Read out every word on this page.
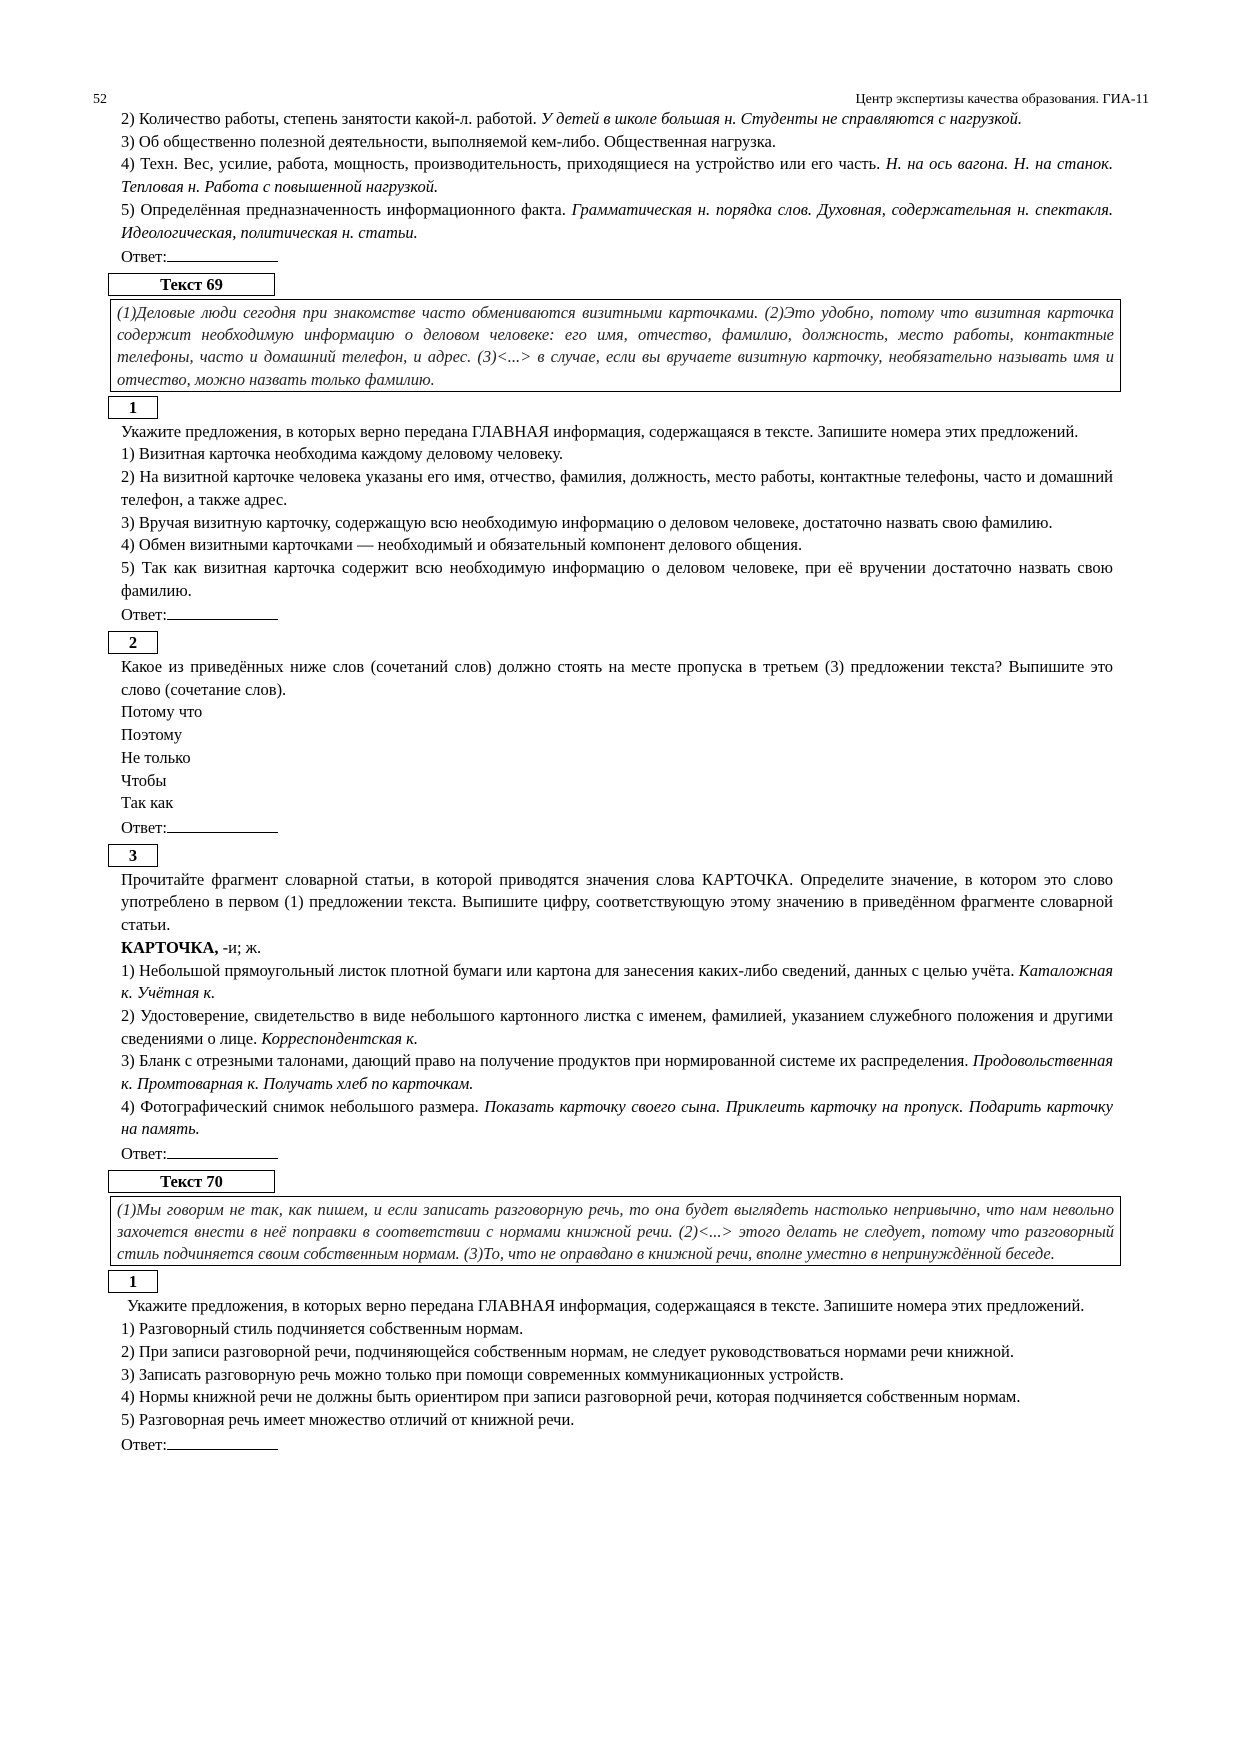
52	Центр экспертизы качества образования. ГИА-11

2) Количество работы, степень занятости какой-л. работой. У детей в школе большая н. Студенты не справляются с нагрузкой.

3) Об общественно полезной деятельности, выполняемой кем-либо. Общественная нагрузка.

4) Техн. Вес, усилие, работа, мощность, производительность, приходящиеся на устройство или его часть. Н. на ось вагона. Н. на станок. Тепловая н. Работа с повышенной нагрузкой.

5) Определённая предназначенность информационного факта. Грамматическая н. порядка слов. Духовная, содержательная н. спектакля. Идеологическая, политическая н. статьи.

Ответ:

Текст 69
(1)Деловые люди сегодня при знакомстве часто обмениваются визитными карточками. (2)Это удобно, потому что визитная карточка содержит необходимую информацию о деловом человеке: его имя, отчество, фамилию, должность, место работы, контактные телефоны, часто и домашний телефон, и адрес. (3)<...> в случае, если вы вручаете визитную карточку, необязательно называть имя и отчество, можно назвать только фамилию.
1

Укажите предложения, в которых верно передана ГЛАВНАЯ информация, содержащаяся в тексте. Запишите номера этих предложений.

1) Визитная карточка необходима каждому деловому человеку.

2) На визитной карточке человека указаны его имя, отчество, фамилия, должность, место работы, контактные телефоны, часто и домашний телефон, а также адрес.

3) Вручая визитную карточку, содержащую всю необходимую информацию о деловом человеке, достаточно назвать свою фамилию.

4) Обмен визитными карточками — необходимый и обязательный компонент делового общения.

5) Так как визитная карточка содержит всю необходимую информацию о деловом человеке, при её вручении достаточно назвать свою фамилию.

Ответ:

2

Какое из приведённых ниже слов (сочетаний слов) должно стоять на месте пропуска в третьем (3) предложении текста? Выпишите это слово (сочетание слов).

Потому что

Поэтому

Не только

Чтобы

Так как

Ответ:

3

Прочитайте фрагмент словарной статьи, в которой приводятся значения слова КАРТОЧКА. Определите значение, в котором это слово употреблено в первом (1) предложении текста. Выпишите цифру, соответствующую этому значению в приведённом фрагменте словарной статьи.

КАРТОЧКА, -и; ж.

1) Небольшой прямоугольный листок плотной бумаги или картона для занесения каких-либо сведений, данных с целью учёта. Каталожная к. Учётная к.

2) Удостоверение, свидетельство в виде небольшого картонного листка с именем, фамилией, указанием служебного положения и другими сведениями о лице. Корреспондентская к.

3) Бланк с отрезными талонами, дающий право на получение продуктов при нормированной системе их распределения. Продовольственная к. Промтоварная к. Получать хлеб по карточкам.

4) Фотографический снимок небольшого размера. Показать карточку своего сына. Приклеить карточку на пропуск. Подарить карточку на память.

Ответ:

Текст 70
(1)Мы говорим не так, как пишем, и если записать разговорную речь, то она будет выглядеть настолько непривычно, что нам невольно захочется внести в неё поправки в соответствии с нормами книжной речи. (2)<...> этого делать не следует, потому что разговорный стиль подчиняется своим собственным нормам. (3)То, что не оправдано в книжной речи, вполне уместно в непринуждённой беседе.
1

Укажите предложения, в которых верно передана ГЛАВНАЯ информация, содержащаяся в тексте. Запишите номера этих предложений.

1) Разговорный стиль подчиняется собственным нормам.

2) При записи разговорной речи, подчиняющейся собственным нормам, не следует руководствоваться нормами речи книжной.

3) Записать разговорную речь можно только при помощи современных коммуникационных устройств.

4) Нормы книжной речи не должны быть ориентиром при записи разговорной речи, которая подчиняется собственным нормам.

5) Разговорная речь имеет множество отличий от книжной речи.

Ответ:
